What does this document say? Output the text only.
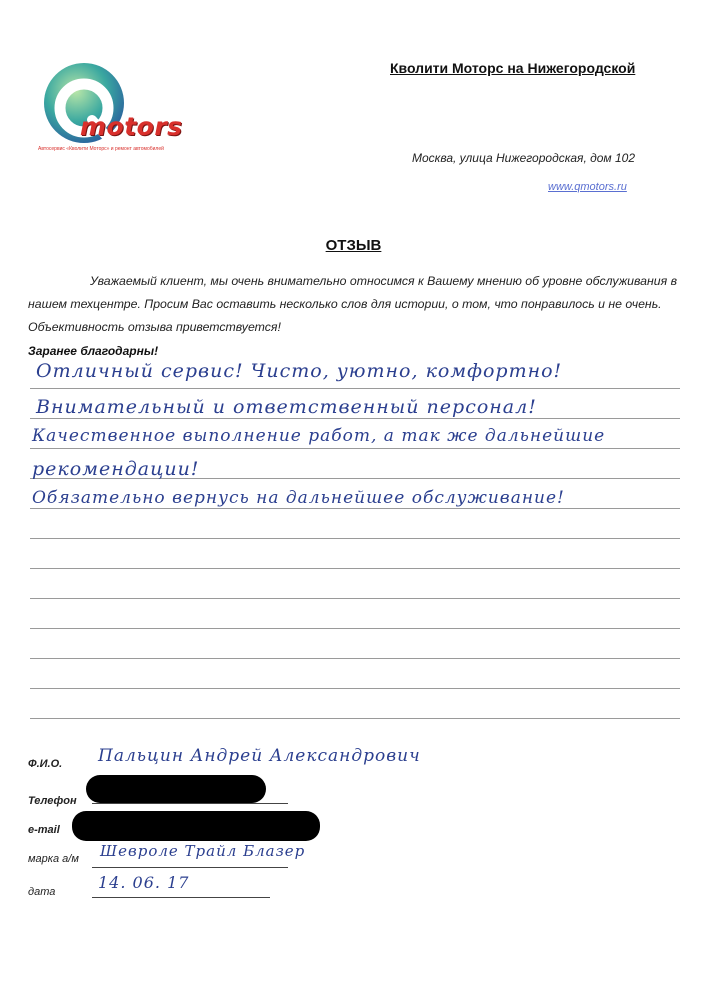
motors
Автосервис «Кволити Моторс» и ремонт автомобилей
Кволити Моторс на Нижегородской
Москва, улица Нижегородская, дом 102
www.qmotors.ru
ОТЗЫВ
Уважаемый клиент, мы очень внимательно относимся к Вашему мнению об уровне обслуживания в нашем техцентре. Просим Вас оставить несколько слов для истории, о том, что понравилось и не очень. Объективность отзыва приветствуется!
Заранее благодарны!
Отличный сервис! Чисто, уютно, комфортно!
Внимательный и ответственный персонал!
Качественное выполнение работ, а так же дальнейшие
рекомендации!
Обязательно вернусь на дальнейшее обслуживание!
Ф.И.О. Пальцин Андрей Александрович
Телефон
e-mail
марка а/м Шевроле Трайл Блазер
дата	14. 06. 17
